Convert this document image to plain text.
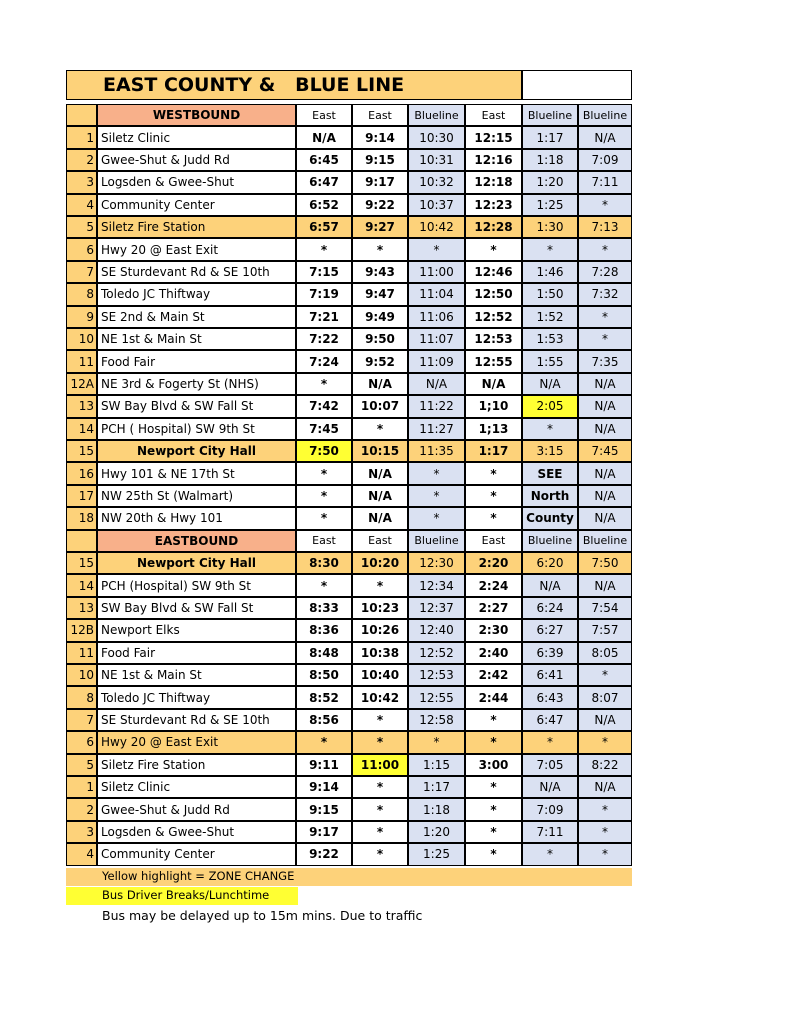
EAST COUNTY &   BLUE LINE
WESTBOUND	East	East	Blueline	East	Blueline Blueline
1 Siletz Clinic	N/A	9:14	10:30	12:15	1:17	N/A
2 Gwee-Shut & Judd Rd	6:45	9:15	10:31	12:16	1:18	7:09
3 Logsden & Gwee-Shut	6:47	9:17	10:32	12:18	1:20	7:11
4 Community Center	6:52	9:22	10:37	12:23	1:25	*
5 Siletz Fire Station	6:57	9:27	10:42	12:28	1:30	7:13
6 Hwy 20 @ East Exit	*	*	*	*	*	*
7 SE Sturdevant Rd & SE 10th	7:15	9:43	11:00	12:46	1:46	7:28
8 Toledo JC Thiftway	7:19	9:47	11:04	12:50	1:50	7:32
9 SE 2nd & Main St	7:21	9:49	11:06	12:52	1:52	*
10 NE 1st & Main St	7:22	9:50	11:07	12:53	1:53	*
11 Food Fair	7:24	9:52	11:09	12:55	1:55	7:35
12A NE 3rd & Fogerty St (NHS)	*	N/A	N/A	N/A	N/A	N/A
13 SW Bay Blvd & SW Fall St	7:42	10:07	11:22	1;10	2:05	N/A
14 PCH ( Hospital) SW 9th St	7:45	*	11:27	1;13	*	N/A
15	Newport City Hall	7:50	10:15	11:35	1:17	3:15	7:45
16 Hwy 101 & NE 17th St	*	N/A	*	*	SEE	N/A
17 NW 25th St (Walmart)	*	N/A	*	*	North	N/A
18 NW 20th & Hwy 101	*	N/A	*	*	County	N/A
EASTBOUND	East	East	Blueline	East	Blueline Blueline
15	Newport City Hall	8:30	10:20	12:30	2:20	6:20	7:50
14 PCH (Hospital) SW 9th St	*	*	12:34	2:24	N/A	N/A
13 SW Bay Blvd & SW Fall St	8:33	10:23	12:37	2:27	6:24	7:54
12B Newport Elks	8:36	10:26	12:40	2:30	6:27	7:57
11 Food Fair	8:48	10:38	12:52	2:40	6:39	8:05
10 NE 1st & Main St	8:50	10:40	12:53	2:42	6:41	*
8 Toledo JC Thiftway	8:52	10:42	12:55	2:44	6:43	8:07
7 SE Sturdevant Rd & SE 10th	8:56	*	12:58	*	6:47	N/A
6 Hwy 20 @ East Exit	*	*	*	*	*	*
5 Siletz Fire Station	9:11	11:00	1:15	3:00	7:05	8:22
1 Siletz Clinic	9:14	*	1:17	*	N/A	N/A
2 Gwee-Shut & Judd Rd	9:15	*	1:18	*	7:09	*
3 Logsden & Gwee-Shut	9:17	*	1:20	*	7:11	*
4 Community Center	9:22	*	1:25	*	*	*
Yellow highlight = ZONE CHANGE
Bus Driver Breaks/Lunchtime
Bus may be delayed up to 15m mins. Due to traffic
